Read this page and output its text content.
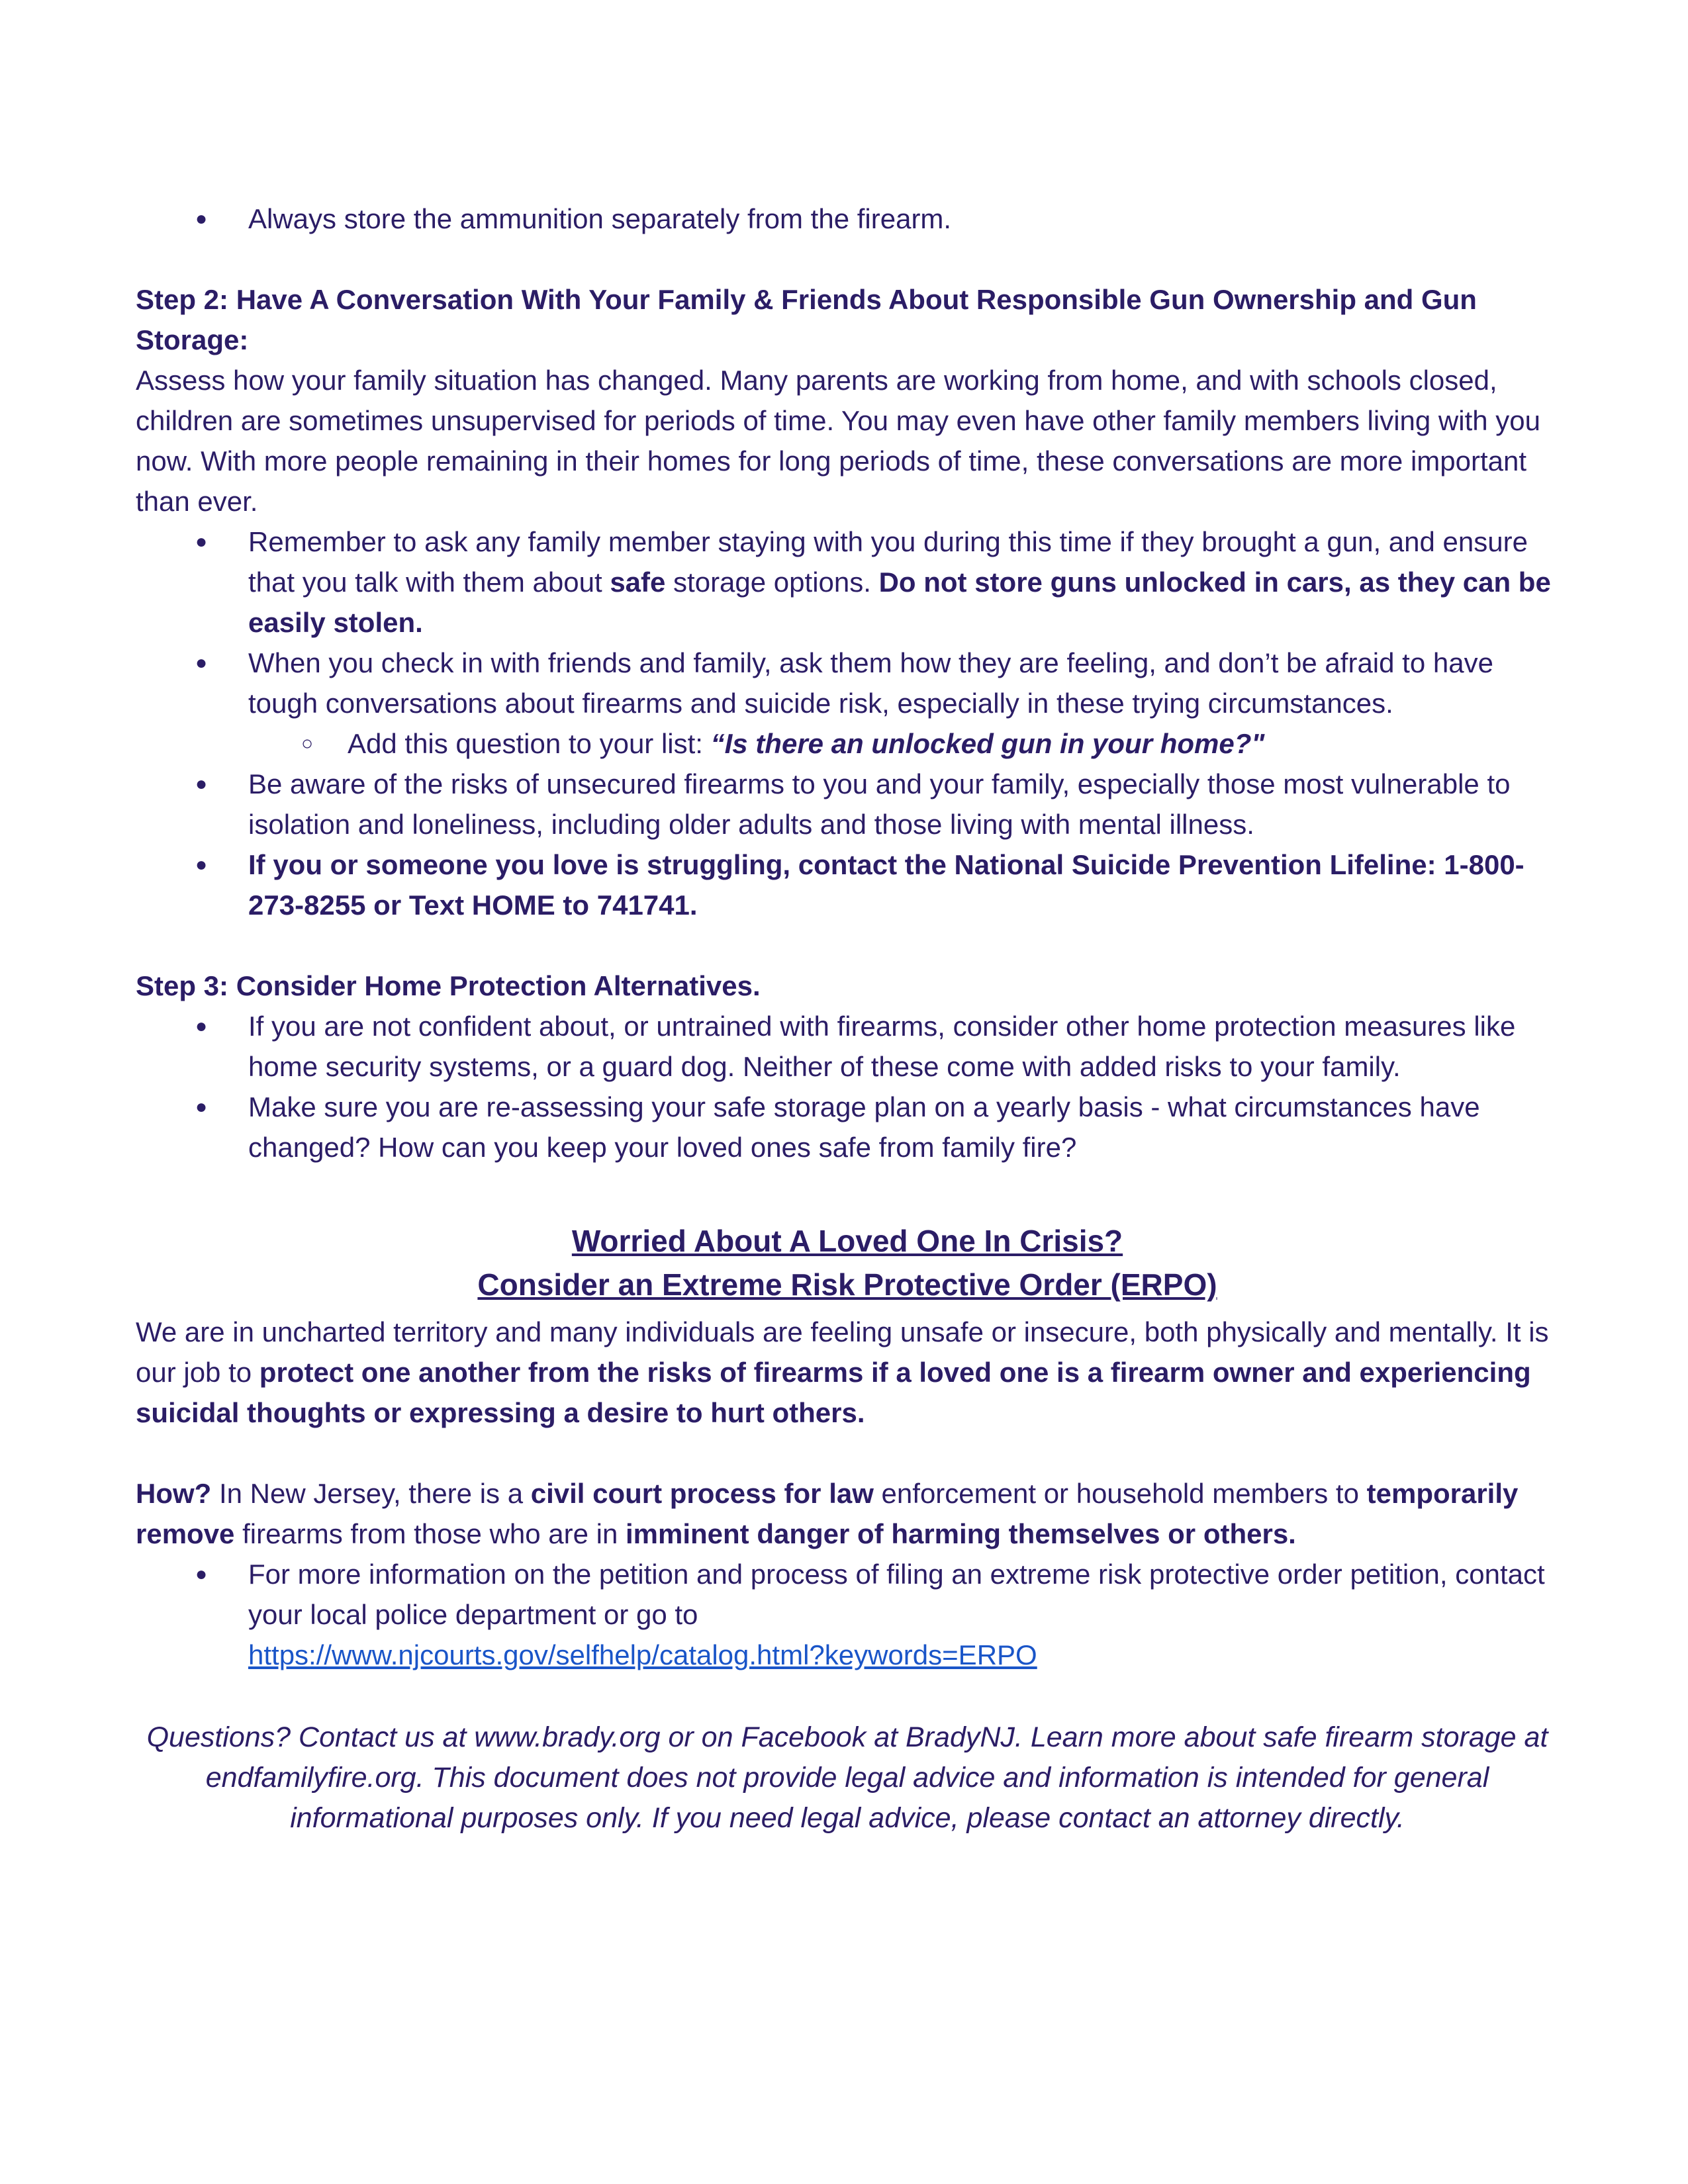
● Always store the ammunition separately from the firearm.

Step 2: Have A Conversation With Your Family & Friends About Responsible Gun Ownership and Gun Storage:

Assess how your family situation has changed. Many parents are working from home, and with schools closed, children are sometimes unsupervised for periods of time. You may even have other family members living with you now. With more people remaining in their homes for long periods of time, these conversations are more important than ever.

● Remember to ask any family member staying with you during this time if they brought a gun, and ensure that you talk with them about safe storage options. Do not store guns unlocked in cars, as they can be easily stolen.
● When you check in with friends and family, ask them how they are feeling, and don’t be afraid to have tough conversations about firearms and suicide risk, especially in these trying circumstances.
○ Add this question to your list: “Is there an unlocked gun in your home?"
● Be aware of the risks of unsecured firearms to you and your family, especially those most vulnerable to isolation and loneliness, including older adults and those living with mental illness.
● If you or someone you love is struggling, contact the National Suicide Prevention Lifeline: 1-800-273-8255 or Text HOME to 741741.

Step 3: Consider Home Protection Alternatives.

● If you are not confident about, or untrained with firearms, consider other home protection measures like home security systems, or a guard dog. Neither of these come with added risks to your family.
● Make sure you are re-assessing your safe storage plan on a yearly basis - what circumstances have changed? How can you keep your loved ones safe from family fire?

Worried About A Loved One In Crisis?

Consider an Extreme Risk Protective Order (ERPO)

We are in uncharted territory and many individuals are feeling unsafe or insecure, both physically and mentally. It is our job to protect one another from the risks of firearms if a loved one is a firearm owner and experiencing suicidal thoughts or expressing a desire to hurt others.

How? In New Jersey, there is a civil court process for law enforcement or household members to temporarily remove firearms from those who are in imminent danger of harming themselves or others.

● For more information on the petition and process of filing an extreme risk protective order petition, contact your local police department or go to
https://www.njcourts.gov/selfhelp/catalog.html?keywords=ERPO

Questions? Contact us at www.brady.org or on Facebook at BradyNJ. Learn more about safe firearm storage at endfamilyfire.org. This document does not provide legal advice and information is intended for general informational purposes only. If you need legal advice, please contact an attorney directly.
